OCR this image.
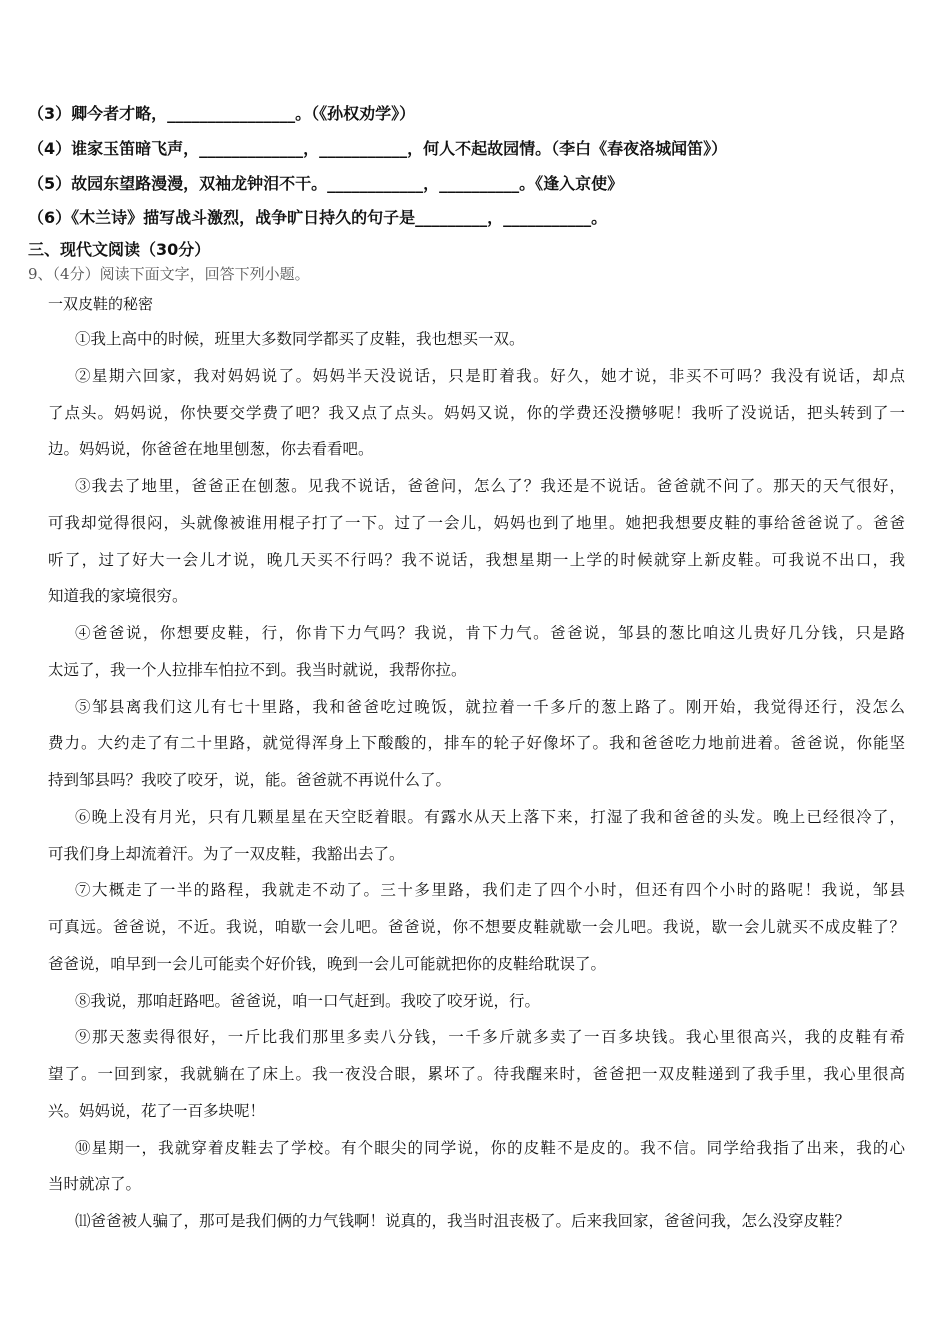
（3）卿今者才略，________________。（《孙权劝学》）
（4）谁家玉笛暗飞声，_____________，___________，何人不起故园情。（李白《春夜洛城闻笛》）
（5）故园东望路漫漫，双袖龙钟泪不干。____________，__________。《逢入京使》
（6）《木兰诗》描写战斗激烈，战争旷日持久的句子是_________，___________。
三、现代文阅读（30分）
9、（4分）阅读下面文字，回答下列小题。
一双皮鞋的秘密
①我上高中的时候，班里大多数同学都买了皮鞋，我也想买一双。
②星期六回家，我对妈妈说了。妈妈半天没说话，只是盯着我。好久，她才说，非买不可吗？我没有说话，却点
了点头。妈妈说，你快要交学费了吧？我又点了点头。妈妈又说，你的学费还没攒够呢！我听了没说话，把头转到了一
边。妈妈说，你爸爸在地里刨葱，你去看看吧。
③我去了地里，爸爸正在刨葱。见我不说话，爸爸问，怎么了？我还是不说话。爸爸就不问了。那天的天气很好，
可我却觉得很闷，头就像被谁用棍子打了一下。过了一会儿，妈妈也到了地里。她把我想要皮鞋的事给爸爸说了。爸爸
听了，过了好大一会儿才说，晚几天买不行吗？我不说话，我想星期一上学的时候就穿上新皮鞋。可我说不出口，我
知道我的家境很穷。
④爸爸说，你想要皮鞋，行，你肯下力气吗？我说，肯下力气。爸爸说，邹县的葱比咱这儿贵好几分钱，只是路
太远了，我一个人拉排车怕拉不到。我当时就说，我帮你拉。
⑤邹县离我们这儿有七十里路，我和爸爸吃过晚饭，就拉着一千多斤的葱上路了。刚开始，我觉得还行，没怎么
费力。大约走了有二十里路，就觉得浑身上下酸酸的，排车的轮子好像坏了。我和爸爸吃力地前进着。爸爸说，你能坚
持到邹县吗？我咬了咬牙，说，能。爸爸就不再说什么了。
⑥晚上没有月光，只有几颗星星在天空眨着眼。有露水从天上落下来，打湿了我和爸爸的头发。晚上已经很冷了，
可我们身上却流着汗。为了一双皮鞋，我豁出去了。
⑦大概走了一半的路程，我就走不动了。三十多里路，我们走了四个小时，但还有四个小时的路呢！我说，邹县
可真远。爸爸说，不近。我说，咱歇一会儿吧。爸爸说，你不想要皮鞋就歇一会儿吧。我说，歇一会儿就买不成皮鞋了？
爸爸说，咱早到一会儿可能卖个好价钱，晚到一会儿可能就把你的皮鞋给耽误了。
⑧我说，那咱赶路吧。爸爸说，咱一口气赶到。我咬了咬牙说，行。
⑨那天葱卖得很好，一斤比我们那里多卖八分钱，一千多斤就多卖了一百多块钱。我心里很高兴，我的皮鞋有希
望了。一回到家，我就躺在了床上。我一夜没合眼，累坏了。待我醒来时，爸爸把一双皮鞋递到了我手里，我心里很高
兴。妈妈说，花了一百多块呢！
⑩星期一，我就穿着皮鞋去了学校。有个眼尖的同学说，你的皮鞋不是皮的。我不信。同学给我指了出来，我的心
当时就凉了。
⑾爸爸被人骗了，那可是我们俩的力气钱啊！说真的，我当时沮丧极了。后来我回家，爸爸问我，怎么没穿皮鞋？
